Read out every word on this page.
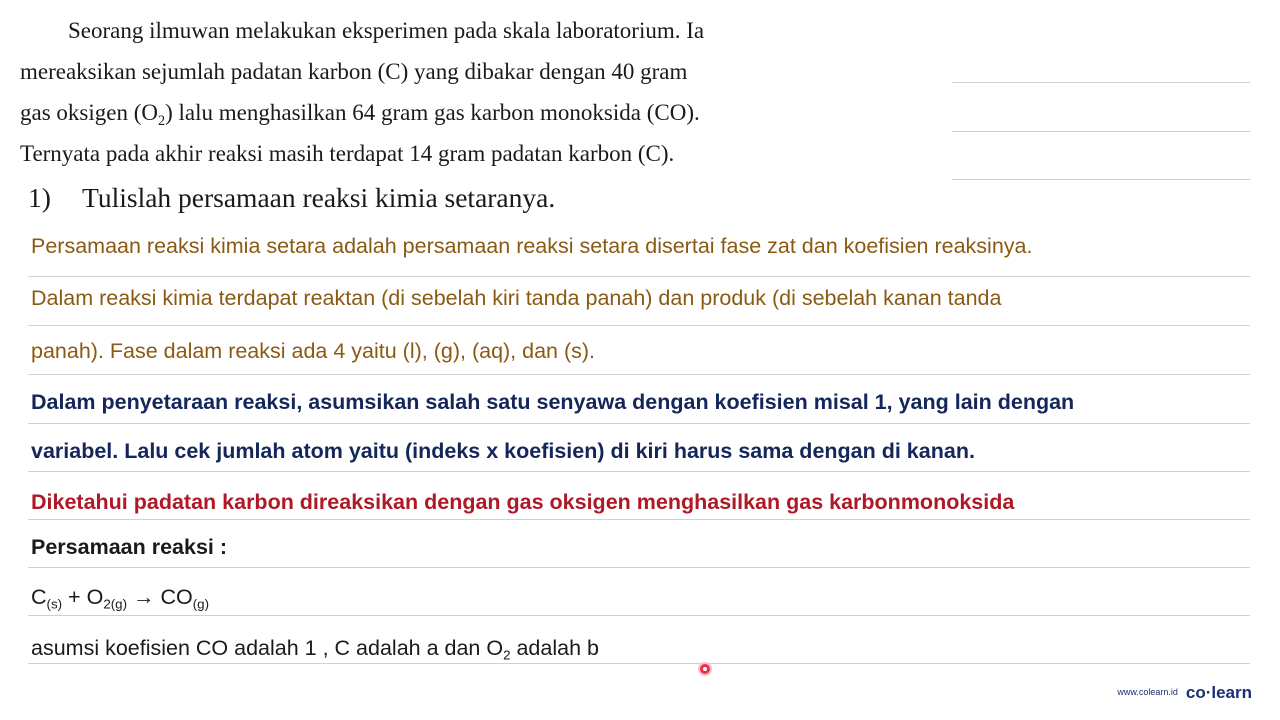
Seorang ilmuwan melakukan eksperimen pada skala laboratorium. Ia
mereaksikan sejumlah padatan karbon (C) yang dibakar dengan 40 gram
gas oksigen $(O_2)$ lalu menghasilkan 64 gram gas karbon monoksida (CO).
Ternyata pada akhir reaksi masih terdapat 14 gram padatan karbon (C).
1) Tulislah persamaan reaksi kimia setaranya.
Persamaan reaksi kimia setara adalah persamaan reaksi setara disertai fase zat dan koefisien reaksinya.
Dalam reaksi kimia terdapat reaktan (di sebelah kiri tanda panah) dan produk (di sebelah kanan tanda
panah). Fase dalam reaksi ada 4 yaitu (l), (g), (aq), dan (s).
Dalam penyetaraan reaksi, asumsikan salah satu senyawa dengan koefisien misal 1, yang lain dengan
variabel. Lalu cek jumlah atom yaitu (indeks x koefisien) di kiri harus sama dengan di kanan.
Diketahui padatan karbon direaksikan dengan gas oksigen menghasilkan gas karbonmonoksida
Persamaan reaksi :
$C_{(s)} + O_{2(g)} \to CO_{(g)}$
asumsi koefisien CO adalah 1 , C adalah a dan $O_2$ adalah b
www.colearn.id co·learn
